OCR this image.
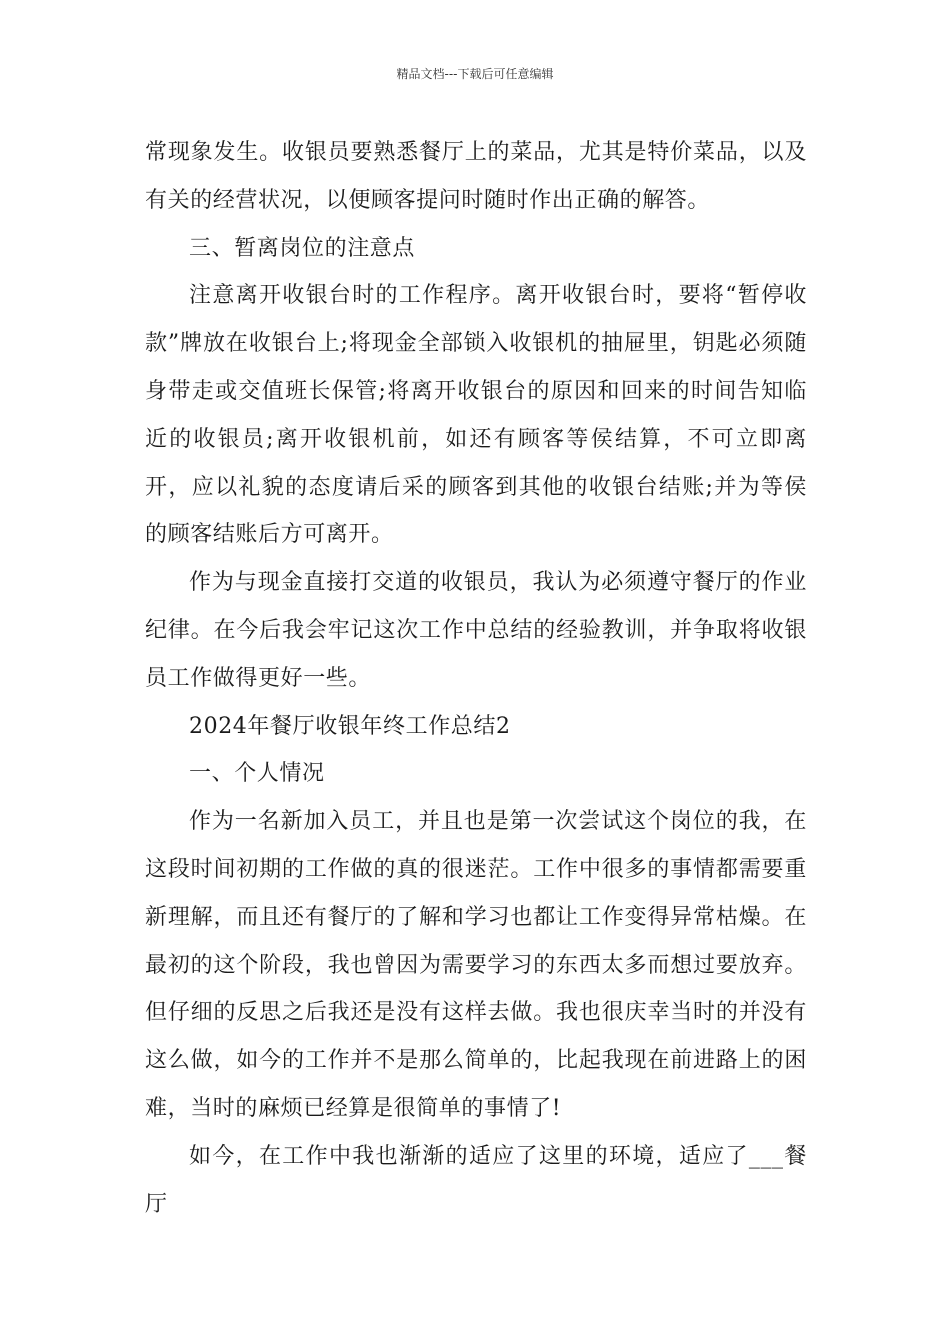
精品文档---下载后可任意编辑

常现象发生。收银员要熟悉餐厅上的菜品，尤其是特价菜品，以及有关的经营状况，以便顾客提问时随时作出正确的解答。

三、暂离岗位的注意点

注意离开收银台时的工作程序。离开收银台时，要将“暂停收款”牌放在收银台上;将现金全部锁入收银机的抽屉里，钥匙必须随身带走或交值班长保管;将离开收银台的原因和回来的时间告知临近的收银员;离开收银机前，如还有顾客等侯结算，不可立即离开，应以礼貌的态度请后采的顾客到其他的收银台结账;并为等侯的顾客结账后方可离开。

作为与现金直接打交道的收银员，我认为必须遵守餐厅的作业纪律。在今后我会牢记这次工作中总结的经验教训，并争取将收银员工作做得更好一些。

2024年餐厅收银年终工作总结2

一、个人情况

作为一名新加入员工，并且也是第一次尝试这个岗位的我，在这段时间初期的工作做的真的很迷茫。工作中很多的事情都需要重新理解，而且还有餐厅的了解和学习也都让工作变得异常枯燥。在最初的这个阶段，我也曾因为需要学习的东西太多而想过要放弃。但仔细的反思之后我还是没有这样去做。我也很庆幸当时的并没有这么做，如今的工作并不是那么简单的，比起我现在前进路上的困难，当时的麻烦已经算是很简单的事情了!

如今，在工作中我也渐渐的适应了这里的环境，适应了___餐厅
